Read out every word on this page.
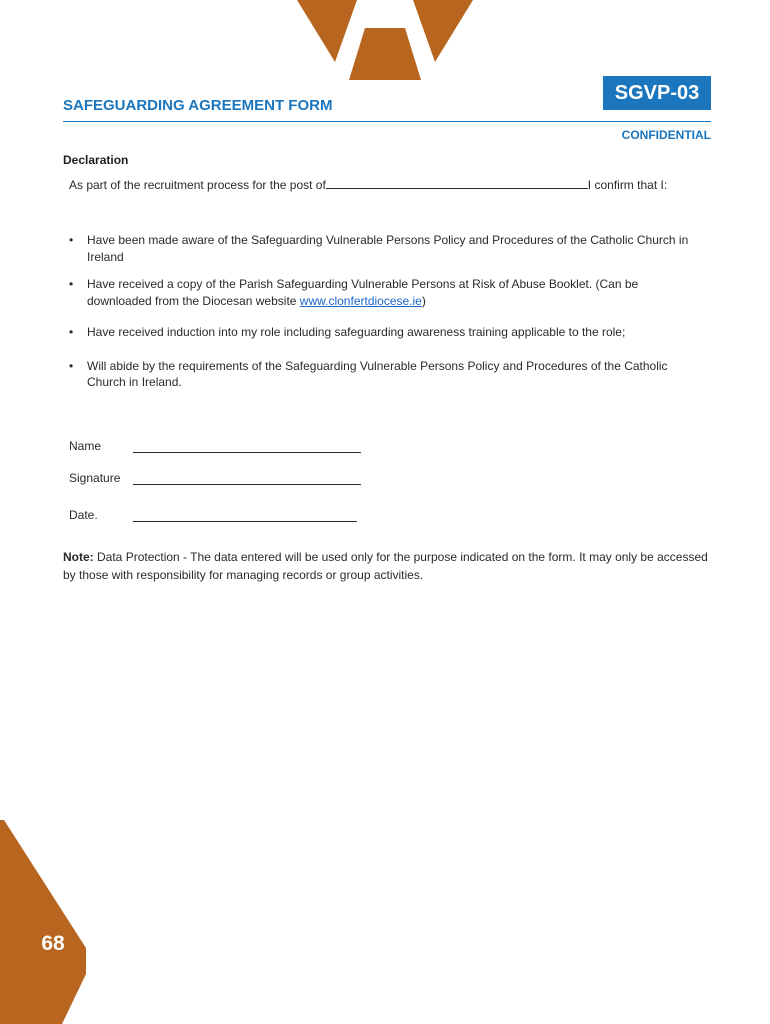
68
SGVP-03
SAFEGUARDING AGREEMENT FORM
CONFIDENTIAL
Declaration
As part of the recruitment process for the post of	I confirm that I:
• Have been made aware of the Safeguarding Vulnerable Persons Policy and Procedures of the Catholic Church in Ireland
• Have received a copy of the Parish Safeguarding Vulnerable Persons at Risk of Abuse Booklet. (Can be downloaded from the Diocesan website www.clonfertdiocese.ie)
• Have received induction into my role including safeguarding awareness training applicable to the role;
• Will abide by the requirements of the Safeguarding Vulnerable Persons Policy and Procedures of the Catholic Church in Ireland.
Name
Signature
Date.
Note: Data Protection - The data entered will be used only for the purpose indicated on the form. It may only be accessed by those with responsibility for managing records or group activities.
